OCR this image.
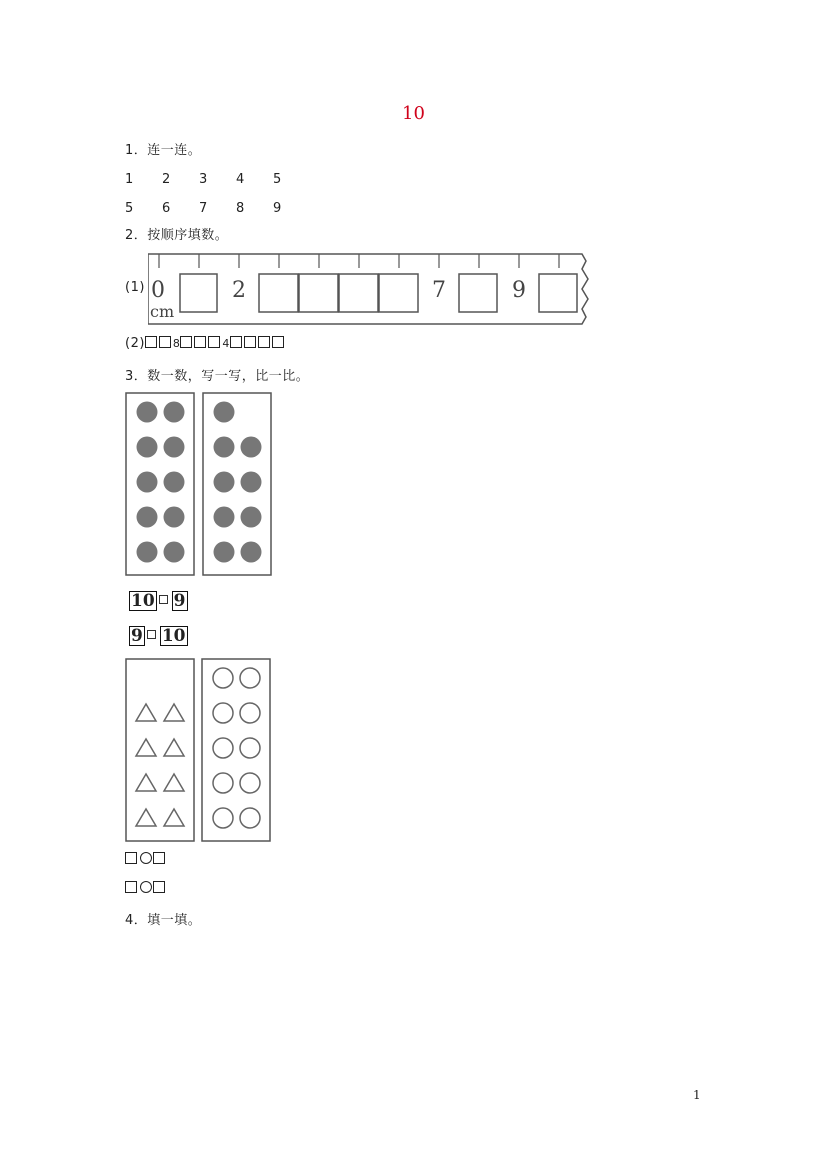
10
1．连一连。
1 2 3 4 5
5 6 7 8 9
2．按顺序填数。
(1) 0	2	7	9
cm
(2)	8	4
3．数一数，写一写，比一比。
10 9
9 10
4．填一填。
1
